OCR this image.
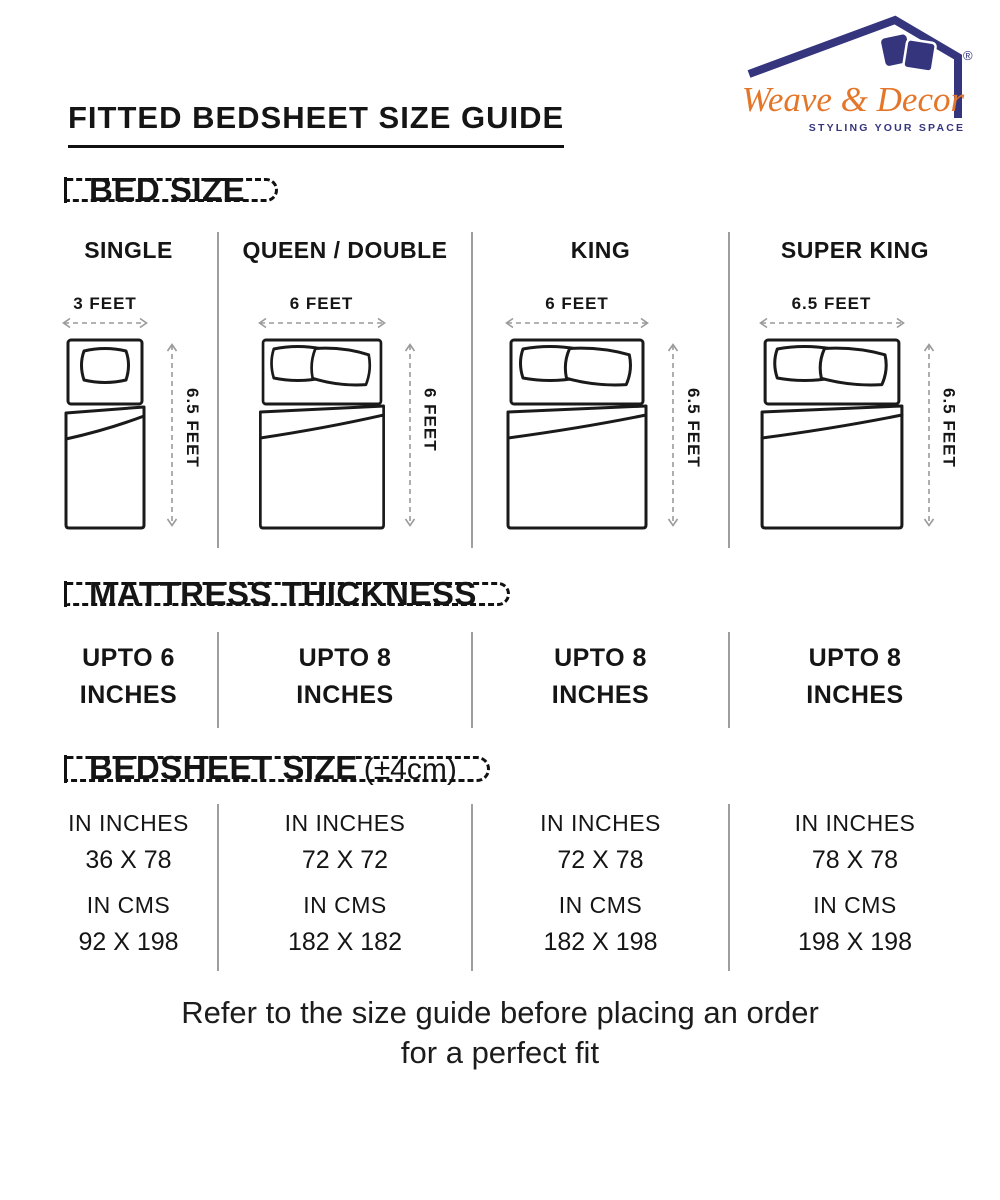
®
Weave & Decor
STYLING YOUR SPACE
FITTED BEDSHEET SIZE GUIDE
BED SIZE
SINGLE
3 FEET
6.5 FEET
QUEEN / DOUBLE
6 FEET
6 FEET
KING
6 FEET
6.5 FEET
SUPER KING
6.5 FEET
6.5 FEET
MATTRESS THICKNESS
UPTO 6
INCHES
UPTO 8
INCHES
UPTO 8
INCHES
UPTO 8
INCHES
BEDSHEET SIZE (±4cm)
IN INCHES
36 X 78
IN CMS
92 X 198
IN INCHES
72 X 72
IN CMS
182 X 182
IN INCHES
72 X 78
IN CMS
182 X 198
IN INCHES
78 X 78
IN CMS
198 X 198
Refer to the size guide before placing an order
for a perfect fit
